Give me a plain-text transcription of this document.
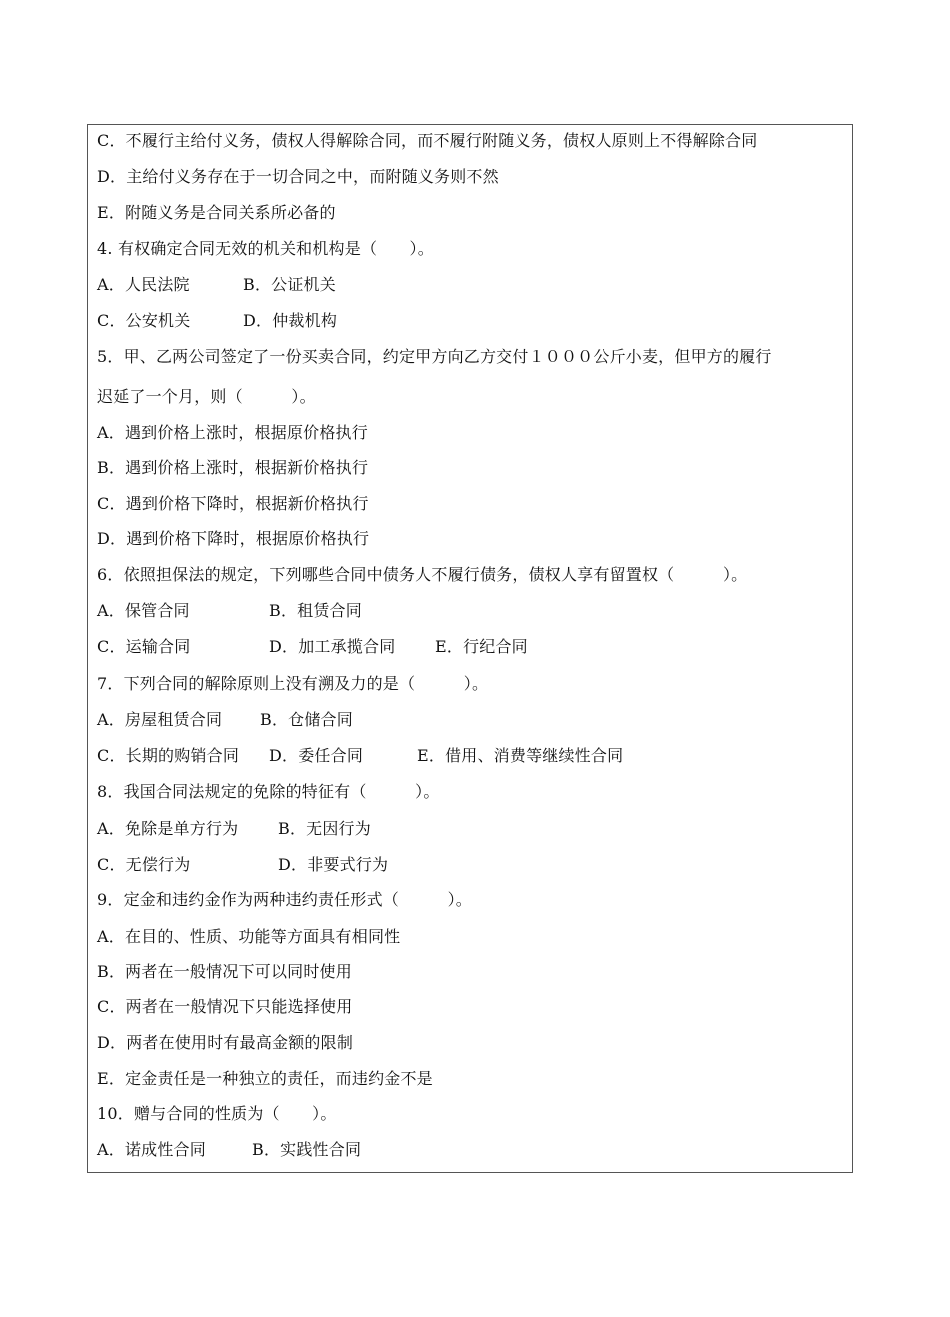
C．不履行主给付义务，债权人得解除合同，而不履行附随义务，债权人原则上不得解除合同
D．主给付义务存在于一切合同之中，而附随义务则不然
E．附随义务是合同关系所必备的
4. 有权确定合同无效的机关和机构是（　　）。

A．人民法院

	B．公证机关

C．公安机关

	D．仲裁机构

5．甲、乙两公司签定了一份买卖合同，约定甲方向乙方交付１０００公斤小麦，但甲方的履行
迟延了一个月，则（　　　）。
A．遇到价格上涨时，根据原价格执行
B．遇到价格上涨时，根据新价格执行
C．遇到价格下降时，根据新价格执行
D．遇到价格下降时，根据原价格执行
6．依照担保法的规定，下列哪些合同中债务人不履行债务，债权人享有留置权（　　　）。

A．保管合同

	B．租赁合同

C．运输合同

	D．加工承揽合同

E．行纪合同

7．下列合同的解除原则上没有溯及力的是（　　　）。

A．房屋租赁合同

B．仓储合同

C．长期的购销合同

D．委任合同

	E．借用、消费等继续性合同

8．我国合同法规定的免除的特征有（　　　）。

A．免除是单方行为

B．无因行为

C．无偿行为

	D．非要式行为

9．定金和违约金作为两种违约责任形式（　　　）。
A．在目的、性质、功能等方面具有相同性
B．两者在一般情况下可以同时使用
C．两者在一般情况下只能选择使用
D．两者在使用时有最高金额的限制
E．定金责任是一种独立的责任，而违约金不是
10．赠与合同的性质为（　　）。

A．诺成性合同

	B．实践性合同
